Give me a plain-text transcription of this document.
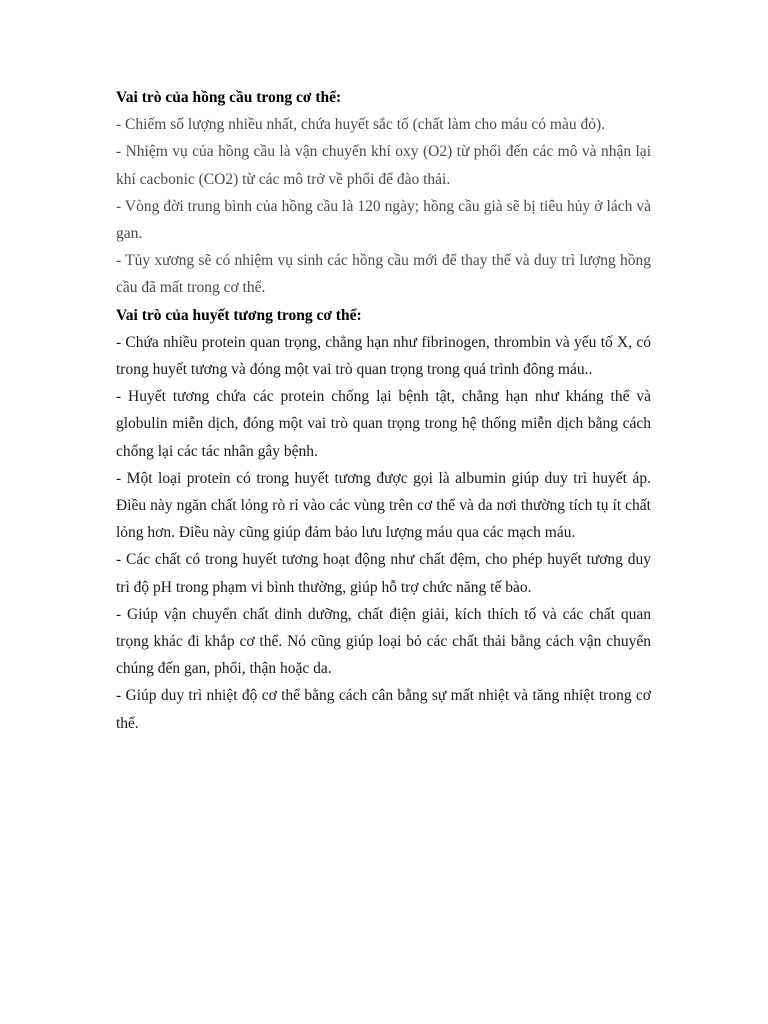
Vai trò của hồng cầu trong cơ thể:

- Chiếm số lượng nhiều nhất, chứa huyết sắc tố (chất làm cho máu có màu đỏ).

- Nhiệm vụ của hồng cầu là vận chuyển khí oxy (O2) từ phổi đến các mô và nhận lại khí cacbonic (CO2) từ các mô trở về phổi để đào thải.

- Vòng đời trung bình của hồng cầu là 120 ngày; hồng cầu già sẽ bị tiêu hủy ở lách và gan.

- Tủy xương sẽ có nhiệm vụ sinh các hồng cầu mới để thay thế và duy trì lượng hồng cầu đã mất trong cơ thể.

Vai trò của huyết tương trong cơ thể:

- Chứa nhiều protein quan trọng, chẳng hạn như fibrinogen, thrombin và yếu tố X, có trong huyết tương và đóng một vai trò quan trọng trong quá trình đông máu..

- Huyết tương chứa các protein chống lại bệnh tật, chẳng hạn như kháng thể và globulin miễn dịch, đóng một vai trò quan trọng trong hệ thống miễn dịch bằng cách chống lại các tác nhân gây bệnh.

- Một loại protein có trong huyết tương được gọi là albumin giúp duy trì huyết áp. Điều này ngăn chất lỏng rò rỉ vào các vùng trên cơ thể và da nơi thường tích tụ ít chất lỏng hơn. Điều này cũng giúp đảm bảo lưu lượng máu qua các mạch máu.

- Các chất có trong huyết tương hoạt động như chất đệm, cho phép huyết tương duy trì độ pH trong phạm vi bình thường, giúp hỗ trợ chức năng tế bào.

- Giúp vận chuyển chất dinh dưỡng, chất điện giải, kích thích tố và các chất quan trọng khác đi khắp cơ thể. Nó cũng giúp loại bỏ các chất thải bằng cách vận chuyển chúng đến gan, phổi, thận hoặc da.

- Giúp duy trì nhiệt độ cơ thể bằng cách cân bằng sự mất nhiệt và tăng nhiệt trong cơ thể.
